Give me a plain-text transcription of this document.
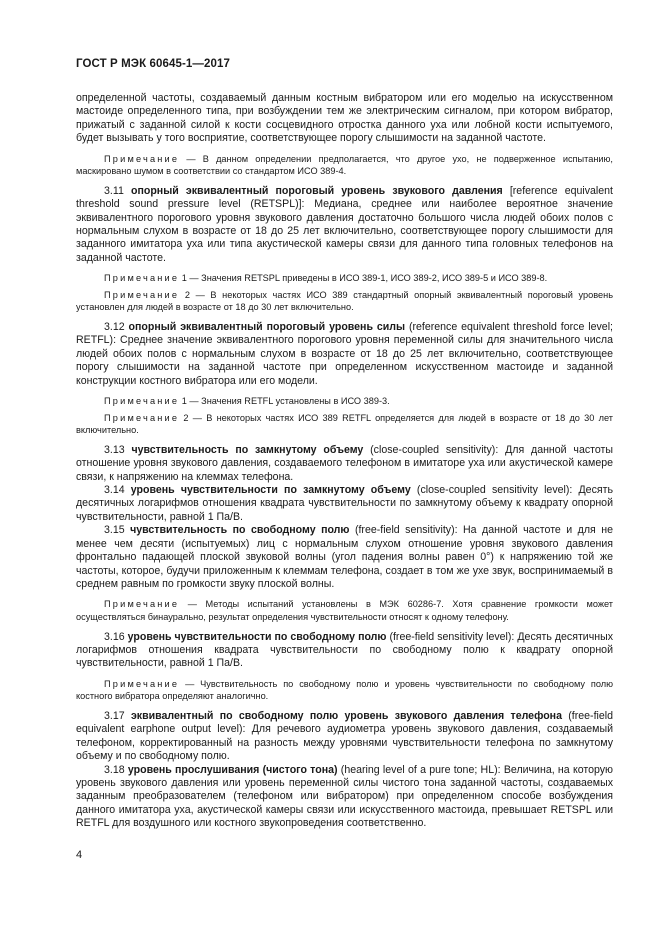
ГОСТ Р МЭК 60645-1—2017

определенной частоты, создаваемый данным костным вибратором или его моделью на искусственном мастоиде определенного типа, при возбуждении тем же электрическим сигналом, при котором вибратор, прижатый с заданной силой к кости сосцевидного отростка данного уха или лобной кости испытуемого, будет вызывать у того восприятие, соответствующее порогу слышимости на заданной частоте.

Примечание — В данном определении предполагается, что другое ухо, не подверженное испытанию, маскировано шумом в соответствии со стандартом ИСО 389-4.

3.11 опорный эквивалентный пороговый уровень звукового давления [reference equivalent threshold sound pressure level (RETSPL)]: Медиана, среднее или наиболее вероятное значение эквивалентного порогового уровня звукового давления достаточно большого числа людей обоих полов с нормальным слухом в возрасте от 18 до 25 лет включительно, соответствующее порогу слышимости для заданного имитатора уха или типа акустической камеры связи для данного типа головных телефонов на заданной частоте.

Примечание 1 — Значения RETSPL приведены в ИСО 389-1, ИСО 389-2, ИСО 389-5 и ИСО 389-8.

Примечание 2 — В некоторых частях ИСО 389 стандартный опорный эквивалентный пороговый уровень установлен для людей в возрасте от 18 до 30 лет включительно.

3.12 опорный эквивалентный пороговый уровень силы (reference equivalent threshold force level; RETFL): Среднее значение эквивалентного порогового уровня переменной силы для значительного числа людей обоих полов с нормальным слухом в возрасте от 18 до 25 лет включительно, соответствующее порогу слышимости на заданной частоте при определенном искусственном мастоиде и заданной конструкции костного вибратора или его модели.

Примечание 1 — Значения RETFL установлены в ИСО 389-3.

Примечание 2 — В некоторых частях ИСО 389 RETFL определяется для людей в возрасте от 18 до 30 лет включительно.

3.13 чувствительность по замкнутому объему (close-coupled sensitivity): Для данной частоты отношение уровня звукового давления, создаваемого телефоном в имитаторе уха или акустической камере связи, к напряжению на клеммах телефона.

3.14 уровень чувствительности по замкнутому объему (close-coupled sensitivity level): Десять десятичных логарифмов отношения квадрата чувствительности по замкнутому объему к квадрату опорной чувствительности, равной 1 Па/В.

3.15 чувствительность по свободному полю (free-field sensitivity): На данной частоте и для не менее чем десяти (испытуемых) лиц с нормальным слухом отношение уровня звукового давления фронтально падающей плоской звуковой волны (угол падения волны равен 0°) к напряжению той же частоты, которое, будучи приложенным к клеммам телефона, создает в том же ухе звук, воспринимаемый в среднем равным по громкости звуку плоской волны.

Примечание — Методы испытаний установлены в МЭК 60286-7. Хотя сравнение громкости может осуществляться бинаурально, результат определения чувствительности относят к одному телефону.

3.16 уровень чувствительности по свободному полю (free-field sensitivity level): Десять десятичных логарифмов отношения квадрата чувствительности по свободному полю к квадрату опорной чувствительности, равной 1 Па/В.

Примечание — Чувствительность по свободному полю и уровень чувствительности по свободному полю костного вибратора определяют аналогично.

3.17 эквивалентный по свободному полю уровень звукового давления телефона (free-field equivalent earphone output level): Для речевого аудиометра уровень звукового давления, создаваемый телефоном, корректированный на разность между уровнями чувствительности телефона по замкнутому объему и по свободному полю.

3.18 уровень прослушивания (чистого тона) (hearing level of a pure tone; HL): Величина, на которую уровень звукового давления или уровень переменной силы чистого тона заданной частоты, создаваемых заданным преобразователем (телефоном или вибратором) при определенном способе возбуждения данного имитатора уха, акустической камеры связи или искусственного мастоида, превышает RETSPL или RETFL для воздушного или костного звукопроведения соответственно.

4
